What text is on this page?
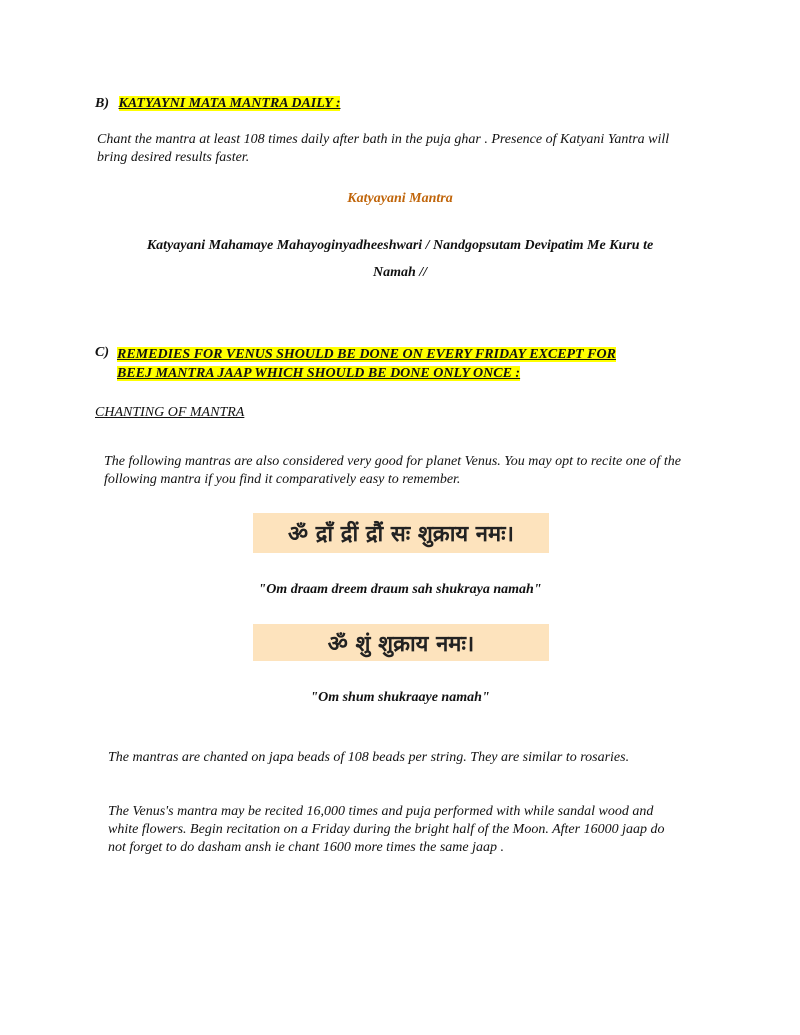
B) KATYAYNI MATA MANTRA DAILY :
Chant the mantra at least 108 times daily after bath in the puja ghar . Presence of Katyani Yantra will bring desired results faster.
Katyayani Mantra
Katyayani Mahamaye Mahayoginyadheeshwari / Nandgopsutam Devipatim Me Kuru te
Namah //
C) REMEDIES FOR VENUS SHOULD BE DONE ON EVERY FRIDAY EXCEPT FOR
BEEJ MANTRA JAAP WHICH SHOULD BE DONE ONLY ONCE :
CHANTING OF MANTRA
The following mantras are also considered very good for planet Venus. You may opt to recite one of the following mantra if you find it comparatively easy to remember.
ॐ द्राँ द्रीं द्रौं सः शुक्राय नमः।
"Om draam dreem draum sah shukraya namah"
ॐ शुं शुक्राय नमः।
"Om shum shukraaye namah"
The mantras are chanted on japa beads of 108 beads per string. They are similar to rosaries.
The Venus's mantra may be recited 16,000 times and puja performed with while sandal wood and white flowers. Begin recitation on a Friday during the bright half of the Moon. After 16000 jaap do not forget to do dasham ansh ie chant 1600 more times the same jaap .
